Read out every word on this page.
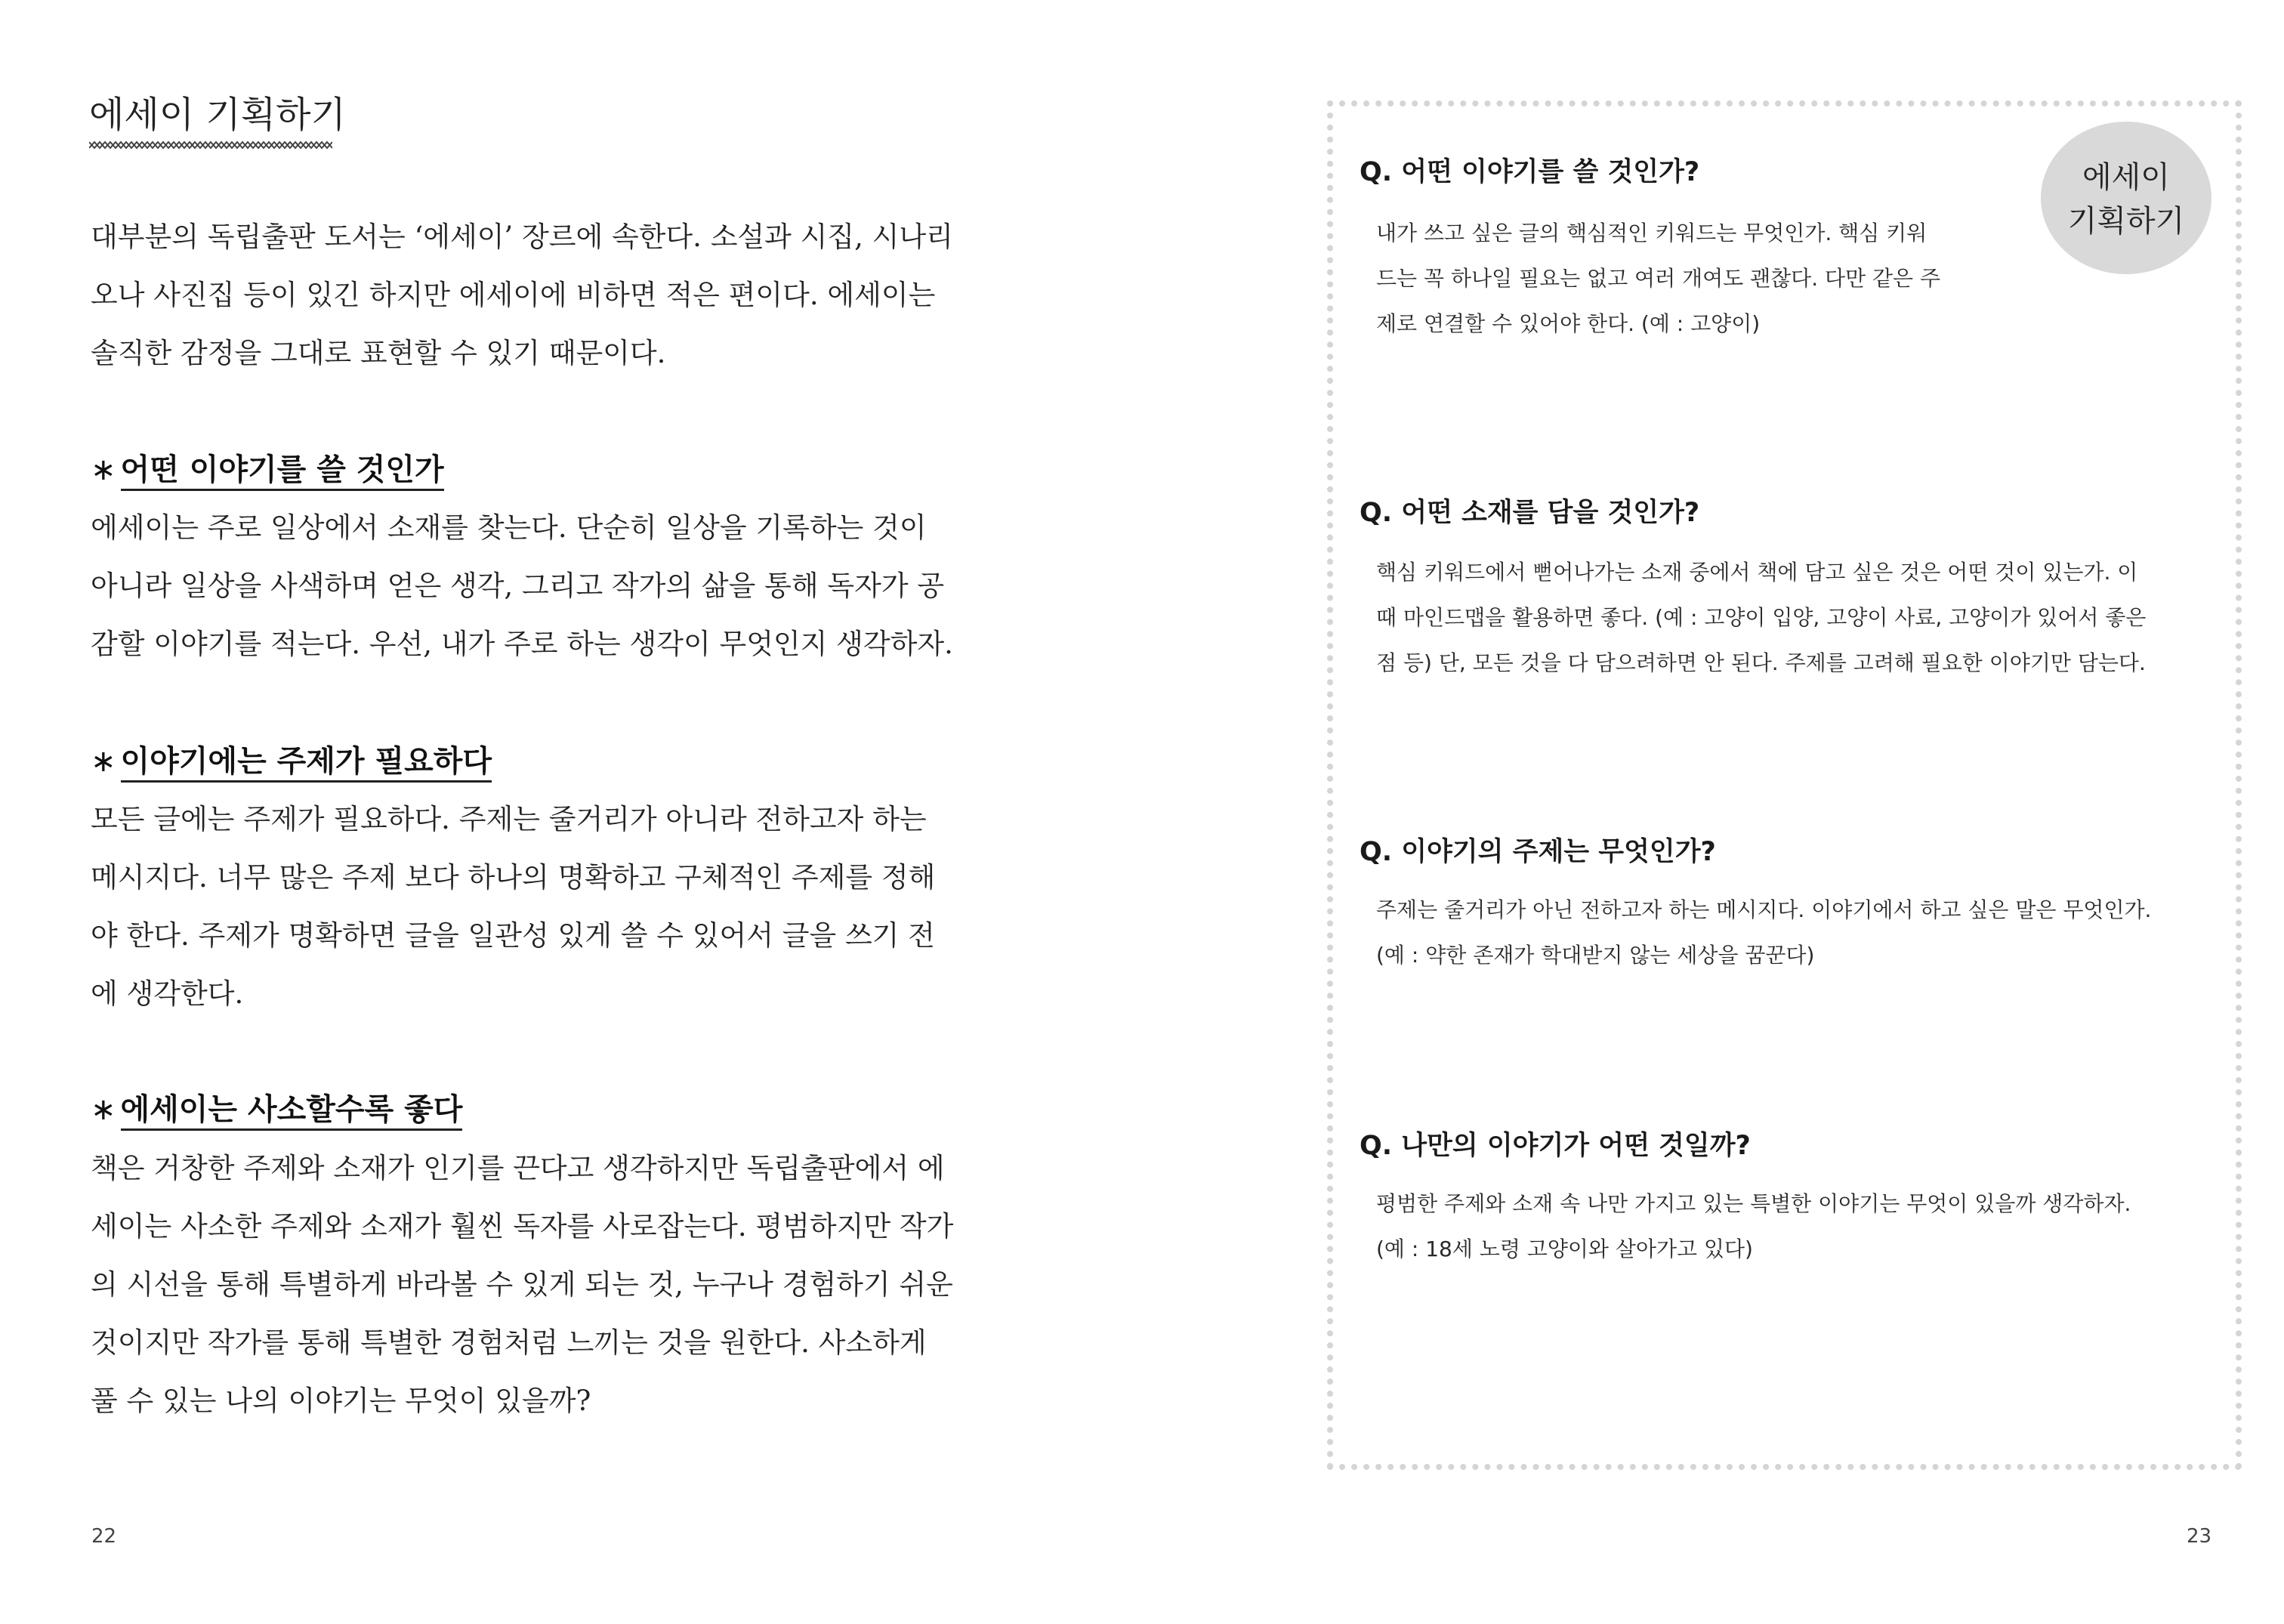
에세이 기획하기
대부분의 독립출판 도서는 ‘에세이’ 장르에 속한다. 소설과 시집, 시나리
오나 사진집 등이 있긴 하지만 에세이에 비하면 적은 편이다. 에세이는
솔직한 감정을 그대로 표현할 수 있기 때문이다.
∗ 어떤 이야기를 쓸 것인가
에세이는 주로 일상에서 소재를 찾는다. 단순히 일상을 기록하는 것이
아니라 일상을 사색하며 얻은 생각, 그리고 작가의 삶을 통해 독자가 공
감할 이야기를 적는다. 우선, 내가 주로 하는 생각이 무엇인지 생각하자.
∗ 이야기에는 주제가 필요하다
모든 글에는 주제가 필요하다. 주제는 줄거리가 아니라 전하고자 하는
메시지다. 너무 많은 주제 보다 하나의 명확하고 구체적인 주제를 정해
야 한다. 주제가 명확하면 글을 일관성 있게 쓸 수 있어서 글을 쓰기 전
에 생각한다.
∗ 에세이는 사소할수록 좋다
책은 거창한 주제와 소재가 인기를 끈다고 생각하지만 독립출판에서 에
세이는 사소한 주제와 소재가 훨씬 독자를 사로잡는다. 평범하지만 작가
의 시선을 통해 특별하게 바라볼 수 있게 되는 것, 누구나 경험하기 쉬운
것이지만 작가를 통해 특별한 경험처럼 느끼는 것을 원한다. 사소하게
풀 수 있는 나의 이야기는 무엇이 있을까?
22
에세이
기획하기
Q. 어떤 이야기를 쓸 것인가?
내가 쓰고 싶은 글의 핵심적인 키워드는 무엇인가. 핵심 키워
드는 꼭 하나일 필요는 없고 여러 개여도 괜찮다. 다만 같은 주
제로 연결할 수 있어야 한다. (예 : 고양이)
Q. 어떤 소재를 담을 것인가?
핵심 키워드에서 뻗어나가는 소재 중에서 책에 담고 싶은 것은 어떤 것이 있는가. 이
때 마인드맵을 활용하면 좋다. (예 : 고양이 입양, 고양이 사료, 고양이가 있어서 좋은
점 등) 단, 모든 것을 다 담으려하면 안 된다. 주제를 고려해 필요한 이야기만 담는다.
Q. 이야기의 주제는 무엇인가?
주제는 줄거리가 아닌 전하고자 하는 메시지다. 이야기에서 하고 싶은 말은 무엇인가.
(예 : 약한 존재가 학대받지 않는 세상을 꿈꾼다)
Q. 나만의 이야기가 어떤 것일까?
평범한 주제와 소재 속 나만 가지고 있는 특별한 이야기는 무엇이 있을까 생각하자.
(예 : 18세 노령 고양이와 살아가고 있다)
23
